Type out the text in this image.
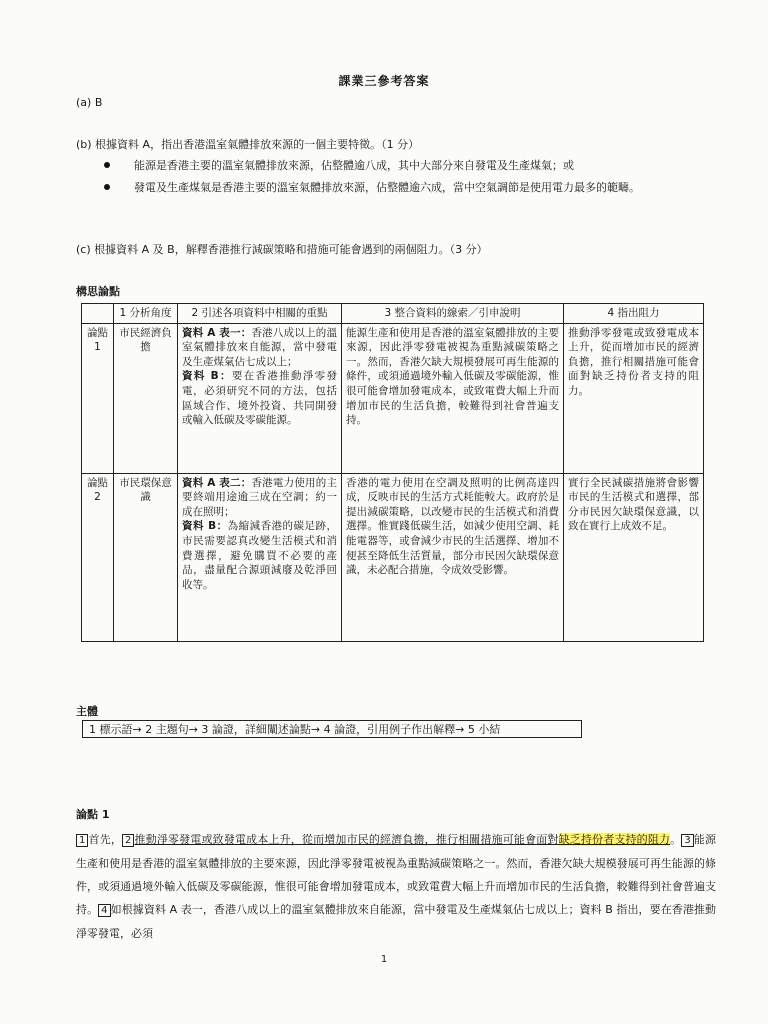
課業三參考答案
(a) B
(b) 根據資料 A，指出香港溫室氣體排放來源的一個主要特徵。（1 分）
能源是香港主要的溫室氣體排放來源，佔整體逾八成，其中大部分來自發電及生產煤氣；或
發電及生產煤氣是香港主要的溫室氣體排放來源，佔整體逾六成，當中空氣調節是使用電力最多的範疇。
(c) 根據資料 A 及 B，解釋香港推行減碳策略和措施可能會遇到的兩個阻力。（3 分）
構思論點
	1 分析角度	2 引述各項資料中相關的重點	3 整合資料的線索／引申說明	4 指出阻力
論點 1	市民經濟負擔	資料 A 表一：香港八成以上的溫室氣體排放來自能源，當中發電及生產煤氣佔七成以上；
資料 B：要在香港推動淨零發電，必須研究不同的方法，包括區域合作、境外投資、共同開發或輸入低碳及零碳能源。	能源生產和使用是香港的溫室氣體排放的主要來源，因此淨零發電被視為重點減碳策略之一。然而，香港欠缺大規模發展可再生能源的條件，或須通過境外輸入低碳及零碳能源，惟很可能會增加發電成本，或致電費大幅上升而增加市民的生活負擔，較難得到社會普遍支持。	推動淨零發電或致發電成本上升，從而增加市民的經濟負擔，推行相關措施可能會面對缺乏持份者支持的阻力。
論點 2	市民環保意識	資料 A 表二：香港電力使用的主要終端用途逾三成在空調；約一成在照明；
資料 B：為縮減香港的碳足跡，市民需要認真改變生活模式和消費選擇，避免購買不必要的產品，盡量配合源頭減廢及乾淨回收等。	香港的電力使用在空調及照明的比例高達四成，反映市民的生活方式耗能較大。政府於是提出減碳策略，以改變市民的生活模式和消費選擇。惟實踐低碳生活，如減少使用空調、耗能電器等，或會減少市民的生活選擇、增加不便甚至降低生活質量，部分市民因欠缺環保意識，未必配合措施，令成效受影響。	實行全民減碳措施將會影響市民的生活模式和選擇，部分市民因欠缺環保意識，以致在實行上成效不足。
主體
1 標示語→ 2 主題句→ 3 論證，詳細闡述論點→ 4 論證，引用例子作出解釋→ 5 小結
論點 1

1 首先， 2 推動淨零發電或致發電成本上升，從而增加市民的經濟負擔，推行相關措施可能會面對缺乏持份者支持的阻力。 3 能源生產和使用是香港的溫室氣體排放的主要來源，因此淨零發電被視為重點減碳策略之一。然而，香港欠缺大規模發展可再生能源的條件，或須通過境外輸入低碳及零碳能源，惟很可能會增加發電成本，或致電費大幅上升而增加市民的生活負擔，較難得到社會普遍支持。 4 如根據資料 A 表一，香港八成以上的溫室氣體排放來自能源，當中發電及生產煤氣佔七成以上；資料 B 指出，要在香港推動淨零發電，必須

1
